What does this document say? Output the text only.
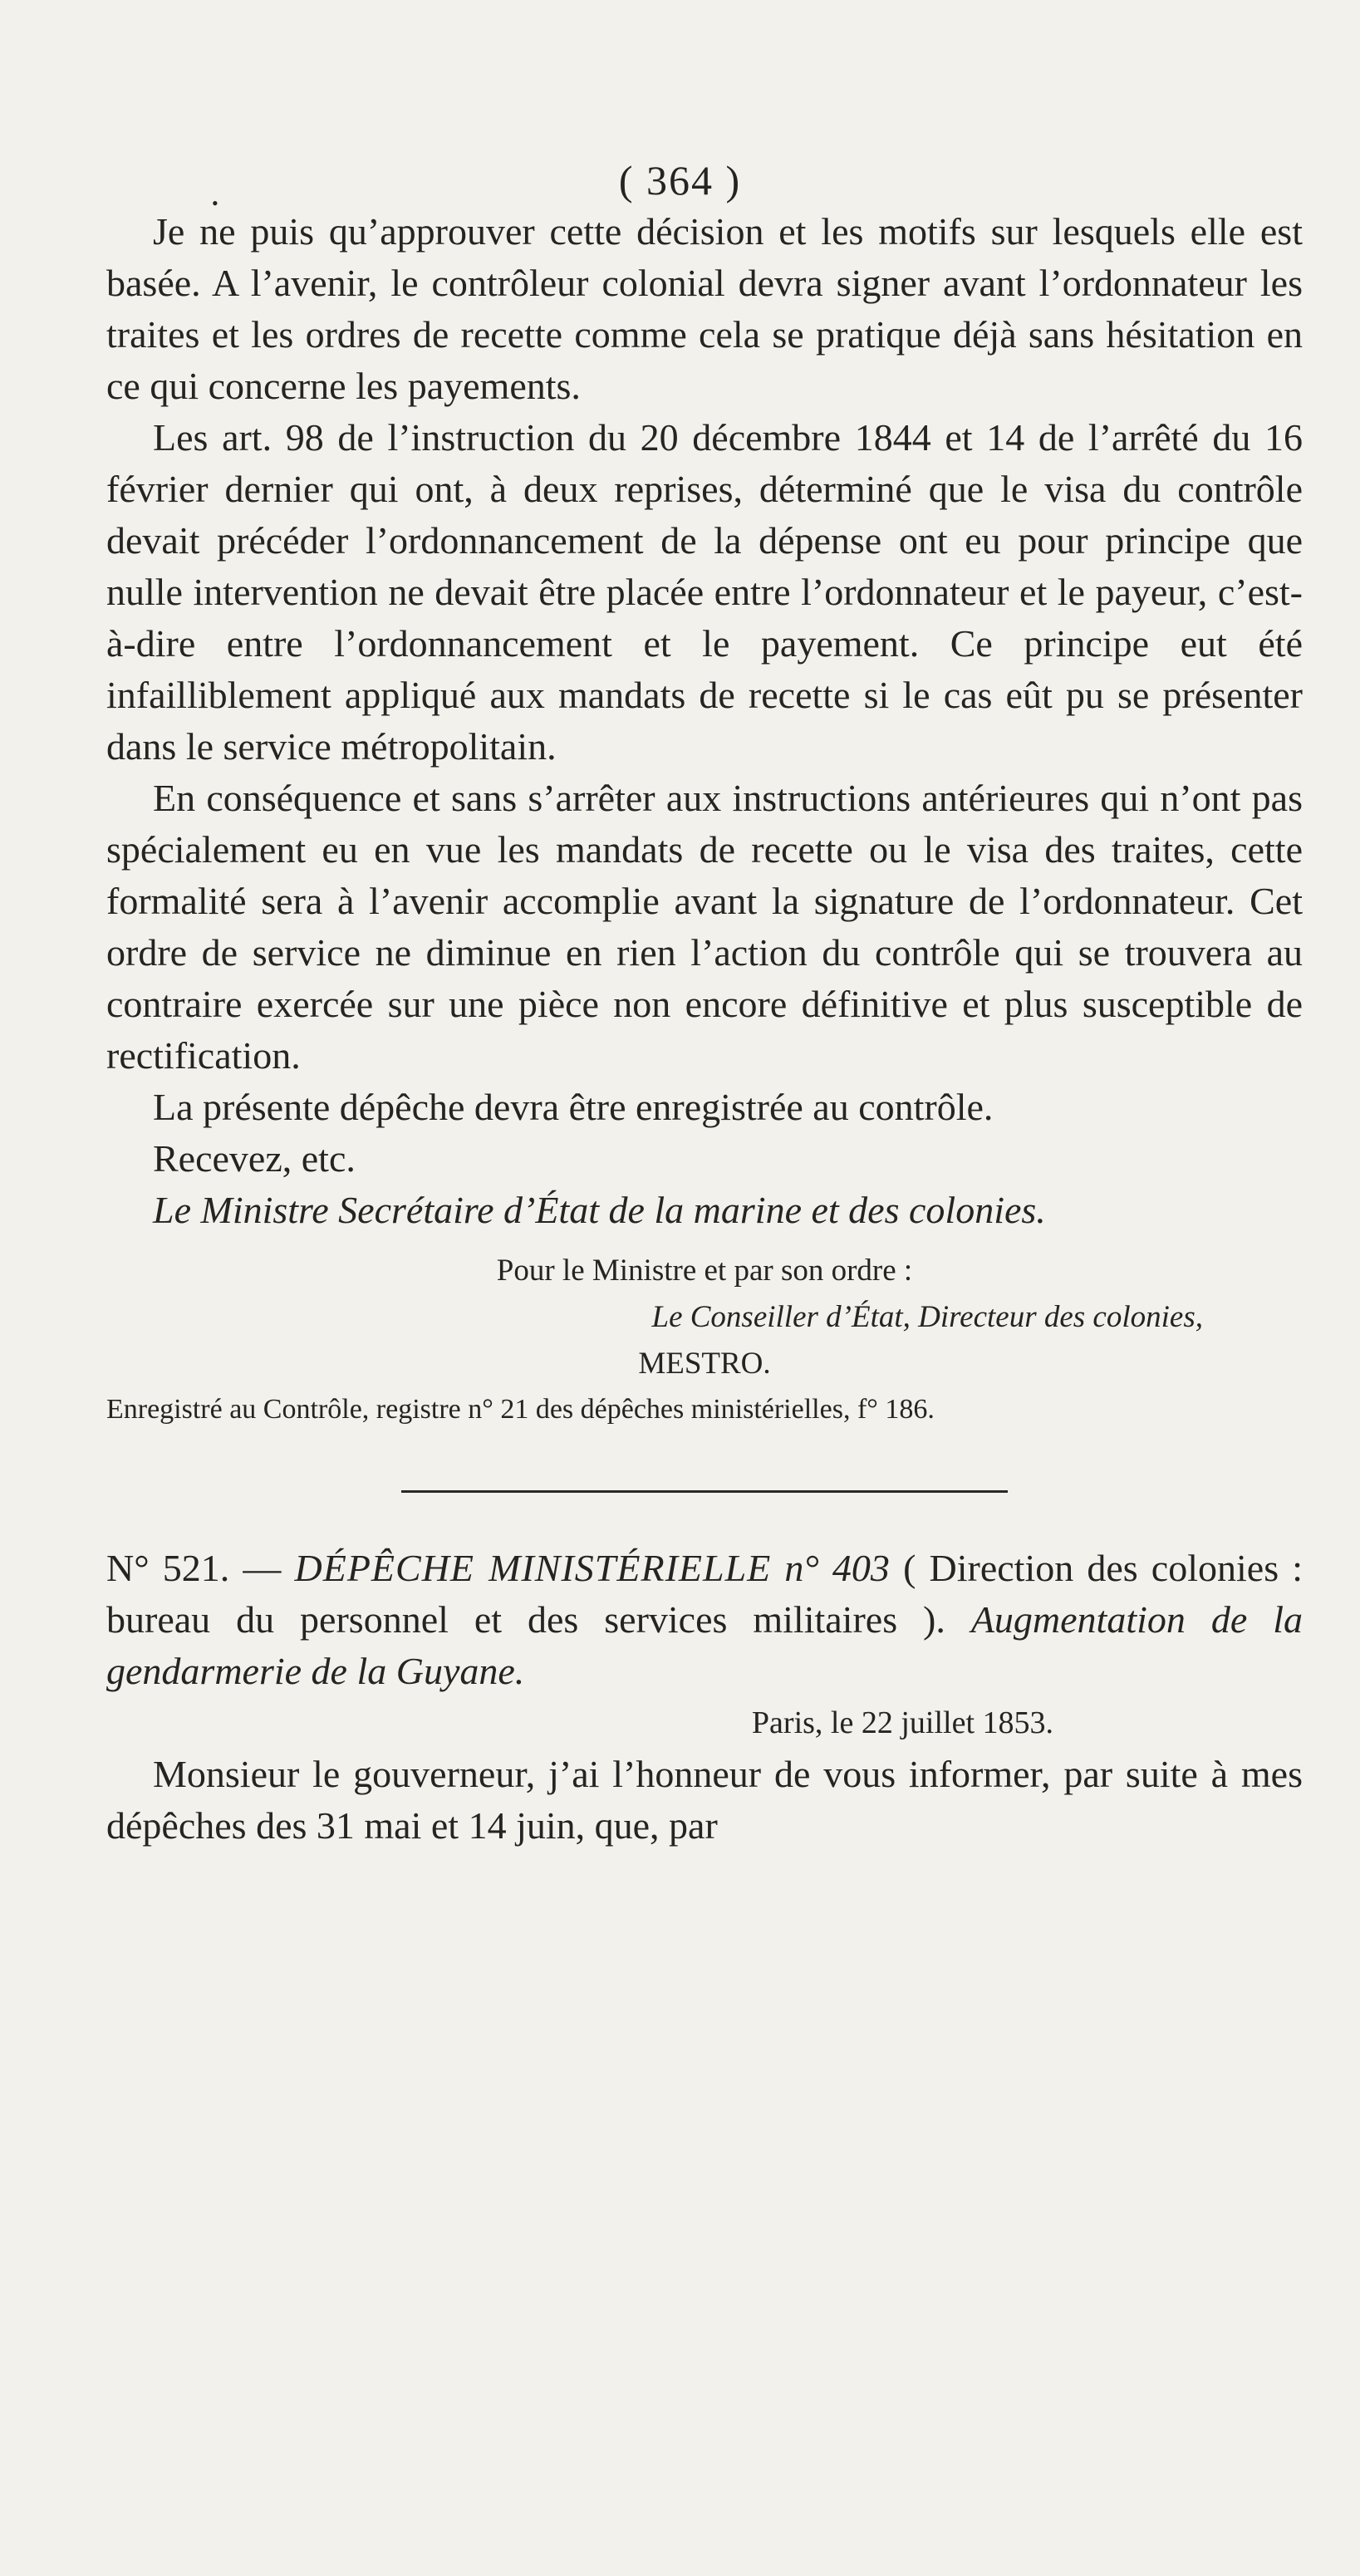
( 364 )
•

Je ne puis qu’approuver cette décision et les motifs sur lesquels elle est basée. A l’avenir, le contrôleur colonial devra signer avant l’ordonnateur les traites et les ordres de recette comme cela se pratique déjà sans hésitation en ce qui concerne les payements.

Les art. 98 de l’instruction du 20 décembre 1844 et 14 de l’arrêté du 16 février dernier qui ont, à deux reprises, déterminé que le visa du contrôle devait précéder l’ordonnancement de la dépense ont eu pour principe que nulle intervention ne devait être placée entre l’ordonnateur et le payeur, c’est-à-dire entre l’ordonnancement et le payement. Ce principe eut été infailliblement appliqué aux mandats de recette si le cas eût pu se présenter dans le service métropolitain.

En conséquence et sans s’arrêter aux instructions antérieures qui n’ont pas spécialement eu en vue les mandats de recette ou le visa des traites, cette formalité sera à l’avenir accomplie avant la signature de l’ordonnateur. Cet ordre de service ne diminue en rien l’action du contrôle qui se trouvera au contraire exercée sur une pièce non encore définitive et plus susceptible de rectification.

La présente dépêche devra être enregistrée au contrôle.

Recevez, etc.

Le Ministre Secrétaire d’État de la marine et des colonies.

Pour le Ministre et par son ordre :

Le Conseiller d’État, Directeur des colonies,

MESTRO.

Enregistré au Contrôle, registre n° 21 des dépêches ministérielles, f° 186.

N° 521. — DÉPÊCHE MINISTÉRIELLE n° 403 ( Direction des colonies : bureau du personnel et des services militaires ). Augmentation de la gendarmerie de la Guyane.

Paris, le 22 juillet 1853.

Monsieur le gouverneur, j’ai l’honneur de vous informer, par suite à mes dépêches des 31 mai et 14 juin, que, par
